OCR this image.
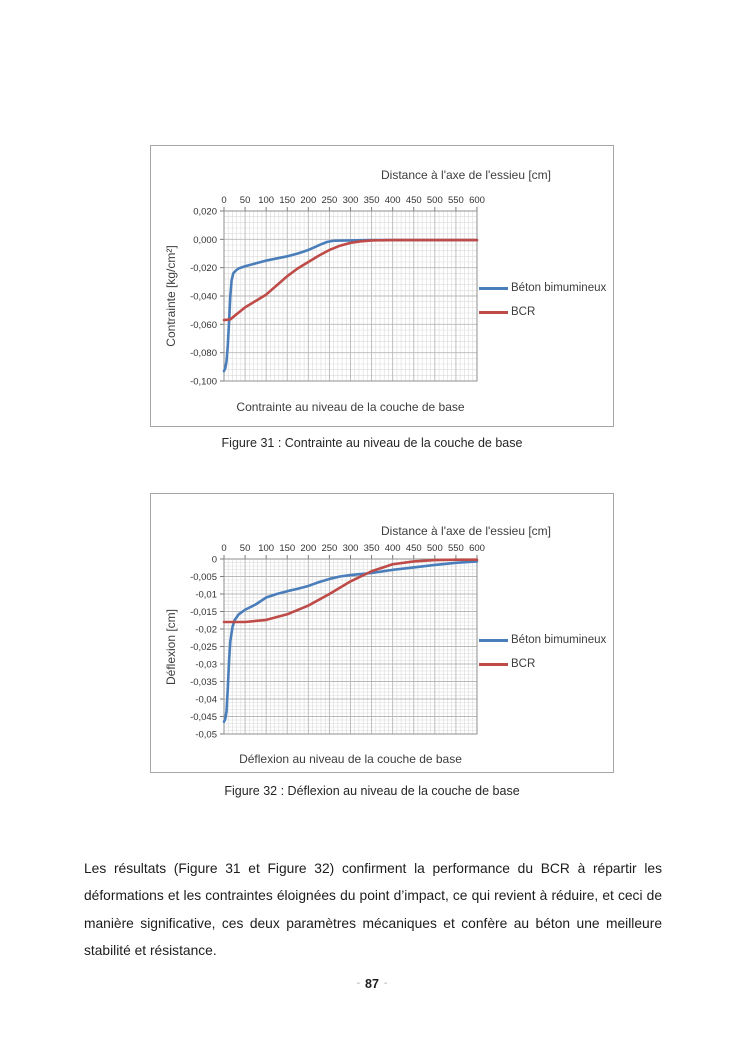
Distance à l'axe de l'essieu [cm]
Contrainte [kg/cm²]
0 50 100 150 200 250 300 350 400 450 500 550 600
0,020
0,000
-0,020
-0,040
-0,060
-0,080
-0,100
Béton bimumineux
BCR
Contrainte au niveau de la couche de base
Figure 31 : Contrainte au niveau de la couche de base
Distance à l'axe de l'essieu [cm]
Déflexion [cm]
0 50 100 150 200 250 300 350 400 450 500 550 600
0
-0,005
-0,01
-0,015
-0,02
-0,025
-0,03
-0,035
-0,04
-0,045
-0,05
Béton bimumineux
BCR
Déflexion au niveau de la couche de base
Figure 32 : Déflexion au niveau de la couche de base

Les résultats (Figure 31 et Figure 32) confirment la performance du BCR à répartir les déformations et les contraintes éloignées du point d’impact, ce qui revient à réduire, et ceci de manière significative, ces deux paramètres mécaniques et confère au béton une meilleure stabilité et résistance.

- 87 -
